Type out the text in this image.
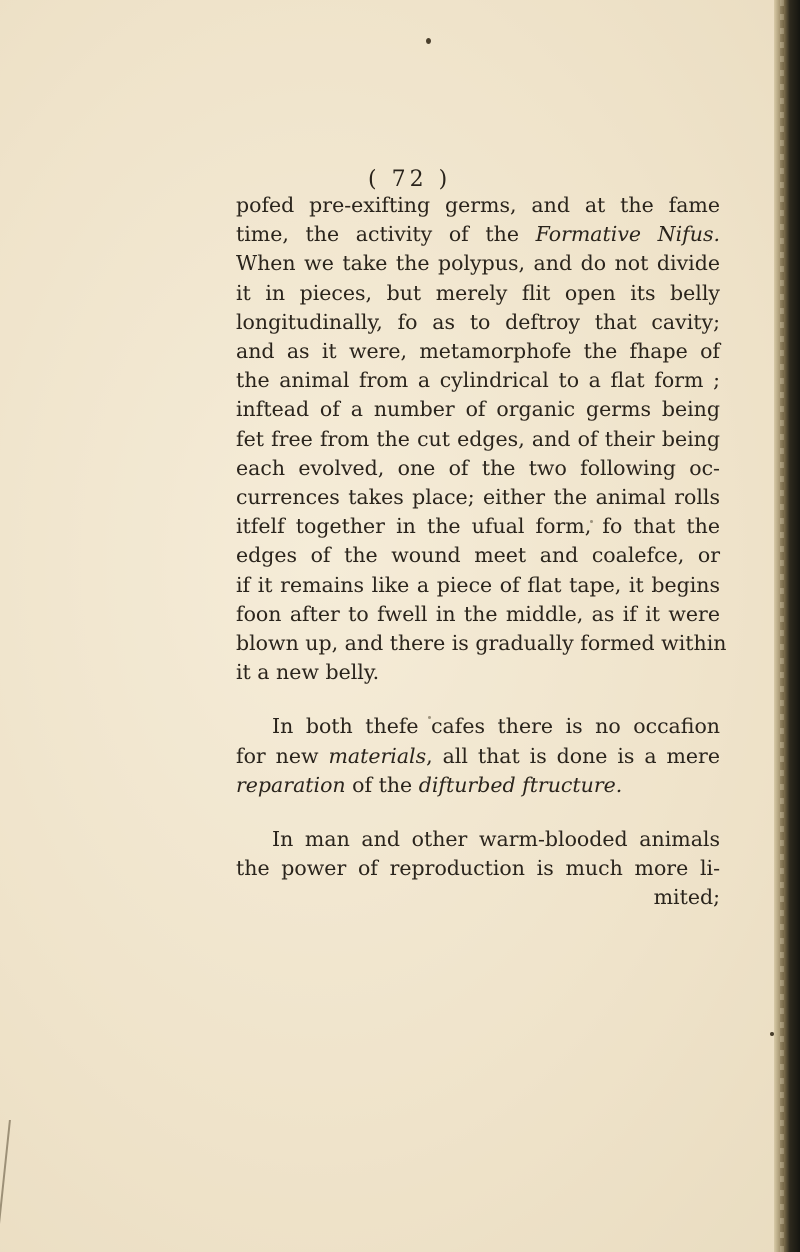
( 72 )
pofed pre-exifting germs, and at the fame
time, the activity of the Formative Nifus.
When we take the polypus, and do not divide
it in pieces, but merely flit open its belly
longitudinally, fo as to deftroy that cavity;
and as it were, metamorphofe the fhape of
the animal from a cylindrical to a flat form ;
inftead of a number of organic germs being
fet free from the cut edges, and of their being
each evolved, one of the two following oc-
currences takes place; either the animal rolls
itfelf together in the ufual form, fo that the
edges of the wound meet and coalefce, or
if it remains like a piece of flat tape, it begins
foon after to fwell in the middle, as if it were
blown up, and there is gradually formed within
it a new belly.
In both thefe cafes there is no occafion
for new materials, all that is done is a mere
reparation of the difturbed ftructure.
In man and other warm-blooded animals
the power of reproduction is much more li-
mited;
